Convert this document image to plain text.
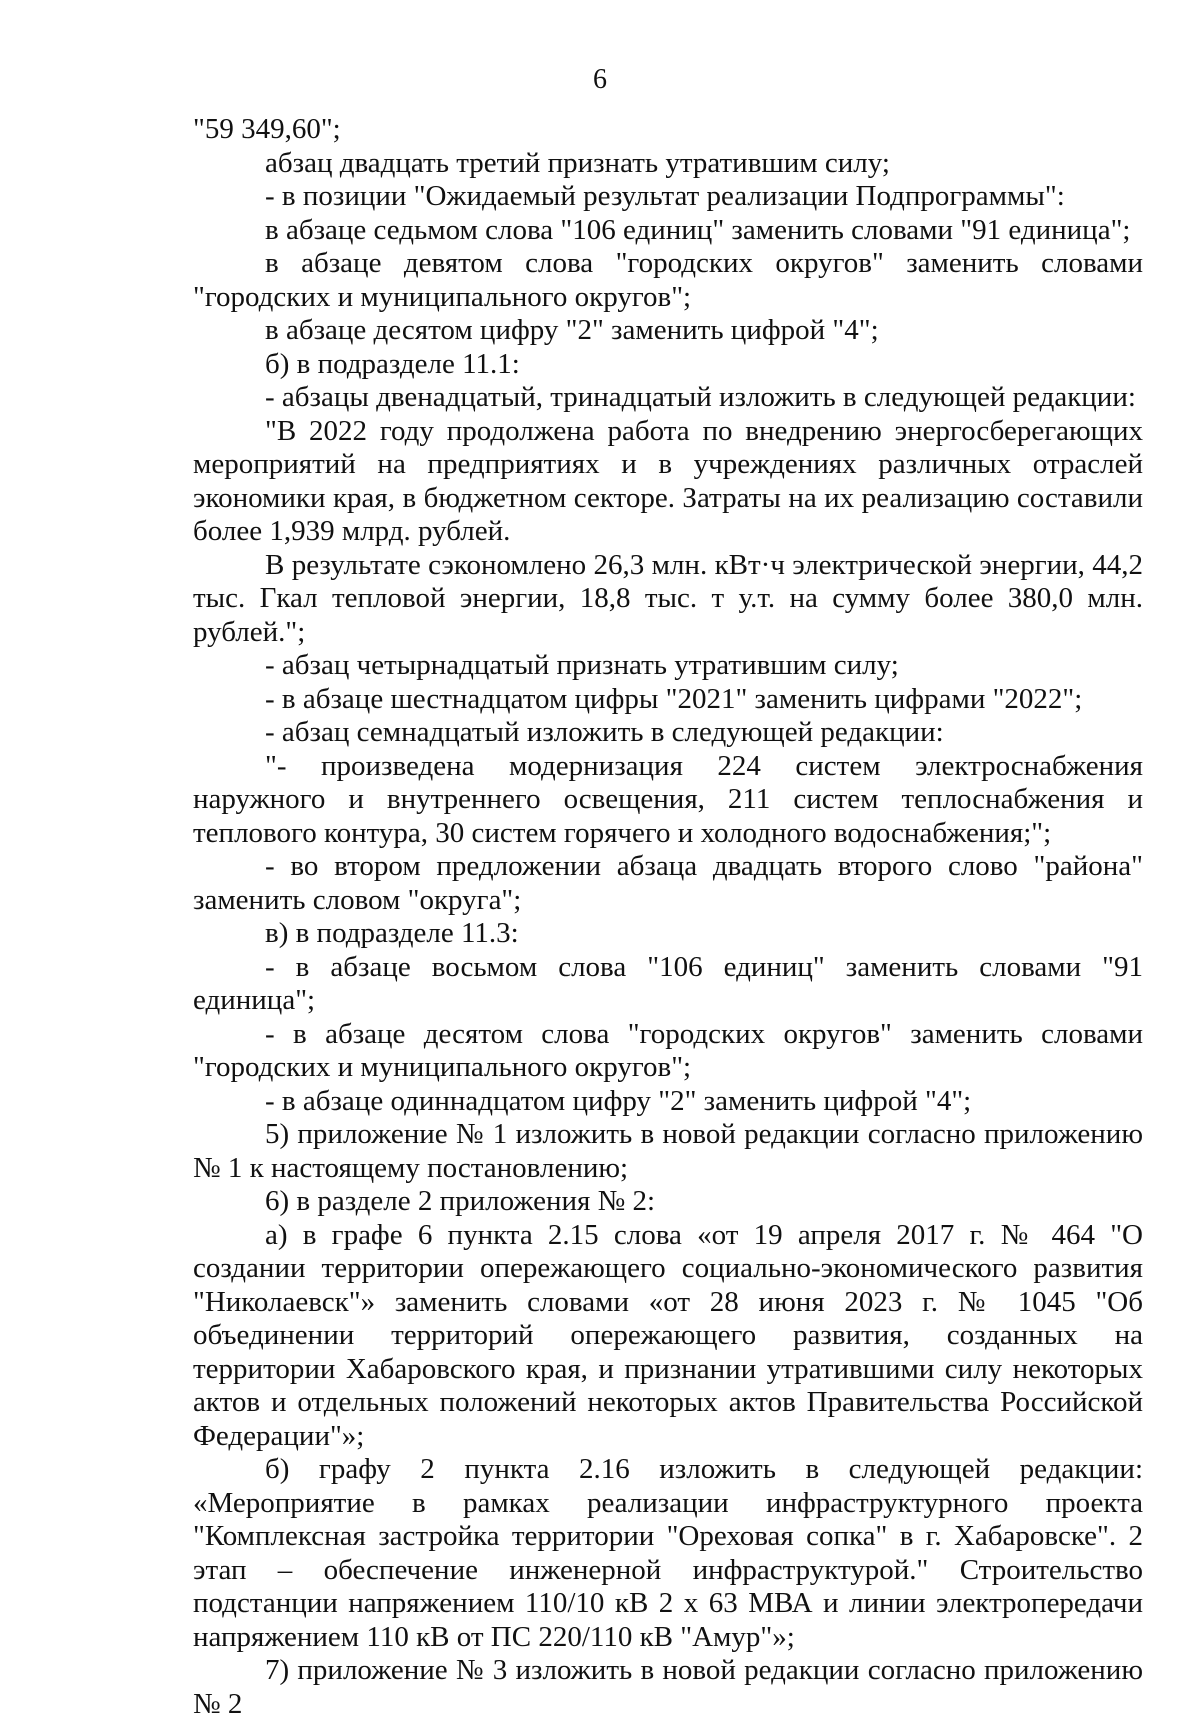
6

"59 349,60";

абзац двадцать третий признать утратившим силу;

- в позиции "Ожидаемый результат реализации Подпрограммы":

в абзаце седьмом слова "106 единиц" заменить словами "91 единица";

в абзаце девятом слова "городских округов" заменить словами "городских и муниципального округов";

в абзаце десятом цифру "2" заменить цифрой "4";

б) в подразделе 11.1:

- абзацы двенадцатый, тринадцатый изложить в следующей редакции:

"В 2022 году продолжена работа по внедрению энергосберегающих мероприятий на предприятиях и в учреждениях различных отраслей экономики края, в бюджетном секторе. Затраты на их реализацию составили более 1,939 млрд. рублей.

В результате сэкономлено 26,3 млн. кВт·ч электрической энергии, 44,2 тыс. Гкал тепловой энергии, 18,8 тыс. т у.т. на сумму более 380,0 млн. рублей.";

- абзац четырнадцатый признать утратившим силу;

- в абзаце шестнадцатом цифры "2021" заменить цифрами "2022";

- абзац семнадцатый изложить в следующей редакции:

"- произведена модернизация 224 систем электроснабжения наружного и внутреннего освещения, 211 систем теплоснабжения и теплового контура, 30 систем горячего и холодного водоснабжения;";

- во втором предложении абзаца двадцать второго слово "района" заменить словом "округа";

в) в подразделе 11.3:

- в абзаце восьмом слова "106 единиц" заменить словами "91 единица";

- в абзаце десятом слова "городских округов" заменить словами "городских и муниципального округов";

- в абзаце одиннадцатом цифру "2" заменить цифрой "4";

5) приложение № 1 изложить в новой редакции согласно приложению № 1 к настоящему постановлению;

6) в разделе 2 приложения № 2:

а) в графе 6 пункта 2.15 слова «от 19 апреля 2017 г. № 464 "О создании территории опережающего социально-экономического развития "Николаевск"» заменить словами «от 28 июня 2023 г. № 1045 "Об объединении территорий опережающего развития, созданных на территории Хабаровского края, и признании утратившими силу некоторых актов и отдельных положений некоторых актов Правительства Российской Федерации"»;

б) графу 2 пункта 2.16 изложить в следующей редакции: «Мероприятие в рамках реализации инфраструктурного проекта "Комплексная застройка территории "Ореховая сопка" в г. Хабаровске". 2 этап – обеспечение инженерной инфраструктурой." Строительство подстанции напряжением 110/10 кВ 2 х 63 МВА и линии электропередачи напряжением 110 кВ от ПС 220/110 кВ "Амур"»;

7) приложение № 3 изложить в новой редакции согласно приложению № 2
